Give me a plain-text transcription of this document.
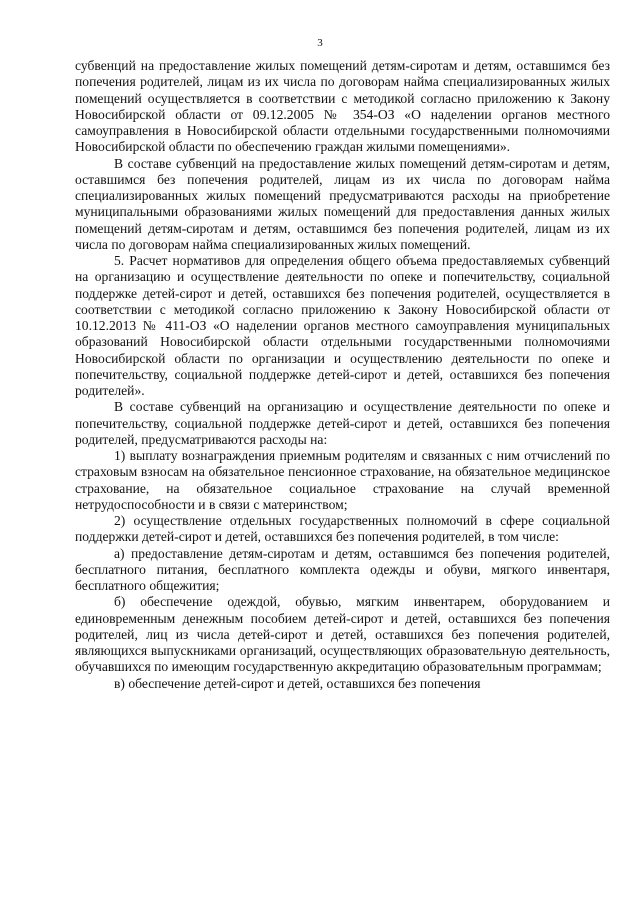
3

субвенций на предоставление жилых помещений детям-сиротам и детям, оставшимся без попечения родителей, лицам из их числа по договорам найма специализированных жилых помещений осуществляется в соответствии с методикой согласно приложению к Закону Новосибирской области от 09.12.2005 № 354-ОЗ «О наделении органов местного самоуправления в Новосибирской области отдельными государственными полномочиями Новосибирской области по обеспечению граждан жилыми помещениями».

В составе субвенций на предоставление жилых помещений детям-сиротам и детям, оставшимся без попечения родителей, лицам из их числа по договорам найма специализированных жилых помещений предусматриваются расходы на приобретение муниципальными образованиями жилых помещений для предоставления данных жилых помещений детям-сиротам и детям, оставшимся без попечения родителей, лицам из их числа по договорам найма специализированных жилых помещений.

5. Расчет нормативов для определения общего объема предоставляемых субвенций на организацию и осуществление деятельности по опеке и попечительству, социальной поддержке детей-сирот и детей, оставшихся без попечения родителей, осуществляется в соответствии с методикой согласно приложению к Закону Новосибирской области от 10.12.2013 № 411-ОЗ «О наделении органов местного самоуправления муниципальных образований Новосибирской области отдельными государственными полномочиями Новосибирской области по организации и осуществлению деятельности по опеке и попечительству, социальной поддержке детей-сирот и детей, оставшихся без попечения родителей».

В составе субвенций на организацию и осуществление деятельности по опеке и попечительству, социальной поддержке детей-сирот и детей, оставшихся без попечения родителей, предусматриваются расходы на:

1) выплату вознаграждения приемным родителям и связанных с ним отчислений по страховым взносам на обязательное пенсионное страхование, на обязательное медицинское страхование, на обязательное социальное страхование на случай временной нетрудоспособности и в связи с материнством;

2) осуществление отдельных государственных полномочий в сфере социальной поддержки детей-сирот и детей, оставшихся без попечения родителей, в том числе:

а) предоставление детям-сиротам и детям, оставшимся без попечения родителей, бесплатного питания, бесплатного комплекта одежды и обуви, мягкого инвентаря, бесплатного общежития;

б) обеспечение одеждой, обувью, мягким инвентарем, оборудованием и единовременным денежным пособием детей-сирот и детей, оставшихся без попечения родителей, лиц из числа детей-сирот и детей, оставшихся без попечения родителей, являющихся выпускниками организаций, осуществляющих образовательную деятельность, обучавшихся по имеющим государственную аккредитацию образовательным программам;

в) обеспечение детей-сирот и детей, оставшихся без попечения
